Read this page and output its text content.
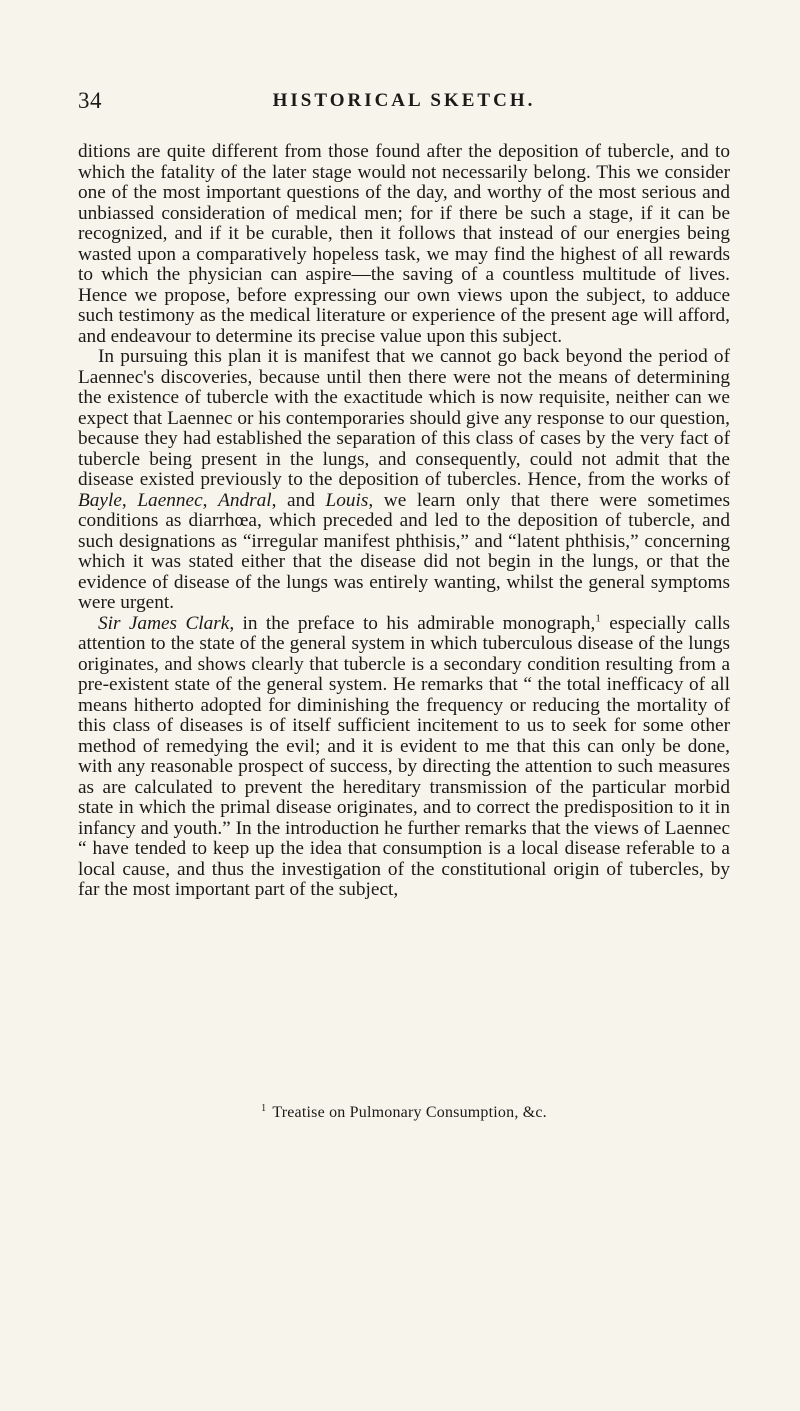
34	HISTORICAL SKETCH.

ditions are quite different from those found after the deposition of tubercle, and to which the fatality of the later stage would not necessarily belong. This we consider one of the most important questions of the day, and worthy of the most serious and unbiassed consideration of medical men; for if there be such a stage, if it can be recognized, and if it be curable, then it follows that instead of our energies being wasted upon a comparatively hopeless task, we may find the highest of all rewards to which the physician can aspire—the saving of a countless multitude of lives. Hence we propose, before expressing our own views upon the subject, to adduce such testimony as the medical literature or experience of the present age will afford, and endeavour to determine its precise value upon this subject.

In pursuing this plan it is manifest that we cannot go back beyond the period of Laennec's discoveries, because until then there were not the means of determining the existence of tubercle with the exactitude which is now requisite, neither can we expect that Laennec or his contemporaries should give any response to our question, because they had established the separation of this class of cases by the very fact of tubercle being present in the lungs, and consequently, could not admit that the disease existed previously to the deposition of tubercles. Hence, from the works of Bayle, Laennec, Andral, and Louis, we learn only that there were sometimes conditions as diarrhœa, which preceded and led to the deposition of tubercle, and such designations as “irregular manifest phthisis,” and “latent phthisis,” concerning which it was stated either that the disease did not begin in the lungs, or that the evidence of disease of the lungs was entirely wanting, whilst the general symptoms were urgent.

Sir James Clark, in the preface to his admirable monograph,$^1$ especially calls attention to the state of the general system in which tuberculous disease of the lungs originates, and shows clearly that tubercle is a secondary condition resulting from a pre-existent state of the general system. He remarks that “ the total inefficacy of all means hitherto adopted for diminishing the frequency or reducing the mortality of this class of diseases is of itself sufficient incitement to us to seek for some other method of remedying the evil; and it is evident to me that this can only be done, with any reasonable prospect of success, by directing the attention to such measures as are calculated to prevent the hereditary transmission of the particular morbid state in which the primal disease originates, and to correct the predisposition to it in infancy and youth.” In the introduction he further remarks that the views of Laennec “ have tended to keep up the idea that consumption is a local disease referable to a local cause, and thus the investigation of the constitutional origin of tubercles, by far the most important part of the subject,

$^1$ Treatise on Pulmonary Consumption, &c.
